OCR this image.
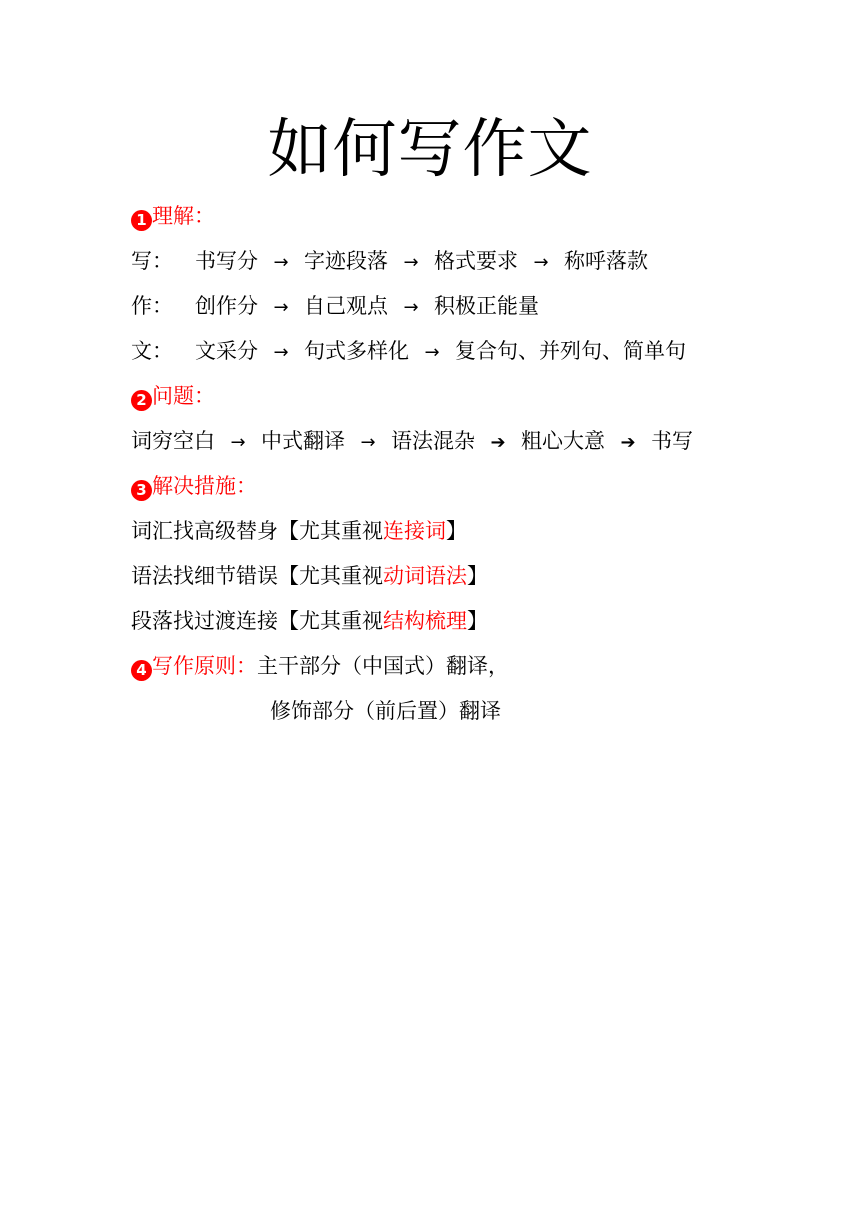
如何写作文
1 理解：
写： 书写分 → 字迹段落 → 格式要求 → 称呼落款
作： 创作分 → 自己观点 → 积极正能量
文： 文采分 → 句式多样化 → 复合句、并列句、简单句
2 问题：
词穷空白 → 中式翻译 → 语法混杂 ➔ 粗心大意 ➔ 书写
3 解决措施：
词汇找高级替身【尤其重视连接词】
语法找细节错误【尤其重视动词语法】
段落找过渡连接【尤其重视结构梳理】
4 写作原则：主干部分（中国式）翻译，
修饰部分（前后置）翻译
